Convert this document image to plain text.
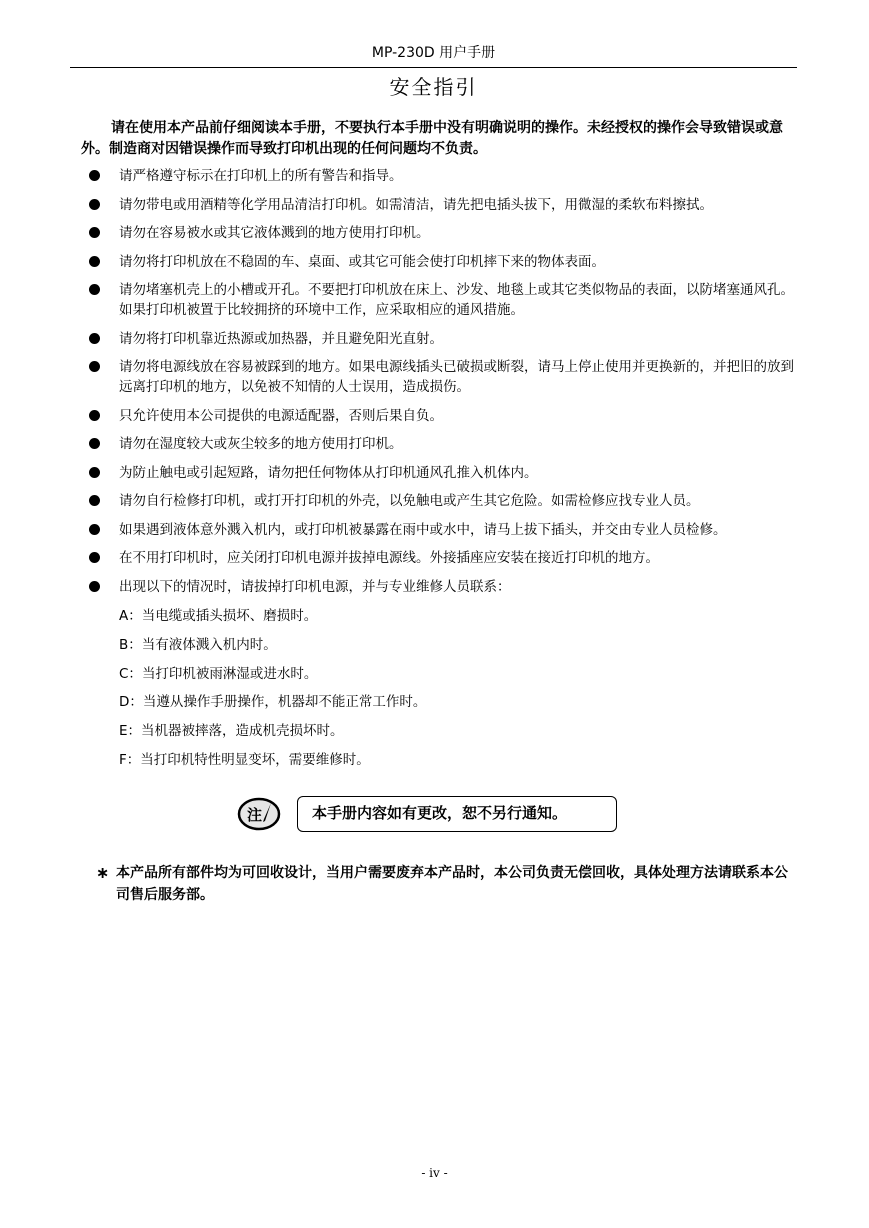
MP-230D 用户手册
安全指引
请在使用本产品前仔细阅读本手册，不要执行本手册中没有明确说明的操作。未经授权的操作会导致错误或意外。制造商对因错误操作而导致打印机出现的任何问题均不负责。
请严格遵守标示在打印机上的所有警告和指导。
请勿带电或用酒精等化学用品清洁打印机。如需清洁，请先把电插头拔下，用微湿的柔软布料擦拭。
请勿在容易被水或其它液体溅到的地方使用打印机。
请勿将打印机放在不稳固的车、桌面、或其它可能会使打印机摔下来的物体表面。
请勿堵塞机壳上的小槽或开孔。不要把打印机放在床上、沙发、地毯上或其它类似物品的表面，以防堵塞通风孔。如果打印机被置于比较拥挤的环境中工作，应采取相应的通风措施。
请勿将打印机靠近热源或加热器，并且避免阳光直射。
请勿将电源线放在容易被踩到的地方。如果电源线插头已破损或断裂，请马上停止使用并更换新的，并把旧的放到远离打印机的地方，以免被不知情的人士误用，造成损伤。
只允许使用本公司提供的电源适配器，否则后果自负。
请勿在湿度较大或灰尘较多的地方使用打印机。
为防止触电或引起短路，请勿把任何物体从打印机通风孔推入机体内。
请勿自行检修打印机，或打开打印机的外壳，以免触电或产生其它危险。如需检修应找专业人员。
如果遇到液体意外溅入机内，或打印机被暴露在雨中或水中，请马上拔下插头，并交由专业人员检修。
在不用打印机时，应关闭打印机电源并拔掉电源线。外接插座应安装在接近打印机的地方。
出现以下的情况时，请拔掉打印机电源，并与专业维修人员联系：
A：当电缆或插头损坏、磨损时。
B：当有液体溅入机内时。
C：当打印机被雨淋湿或进水时。
D：当遵从操作手册操作，机器却不能正常工作时。
E：当机器被摔落，造成机壳损坏时。
F：当打印机特性明显变坏，需要维修时。
注	本手册内容如有更改，恕不另行通知。
∗ 本产品所有部件均为可回收设计，当用户需要废弃本产品时，本公司负责无偿回收，具体处理方法请联系本公司售后服务部。
- iv -
